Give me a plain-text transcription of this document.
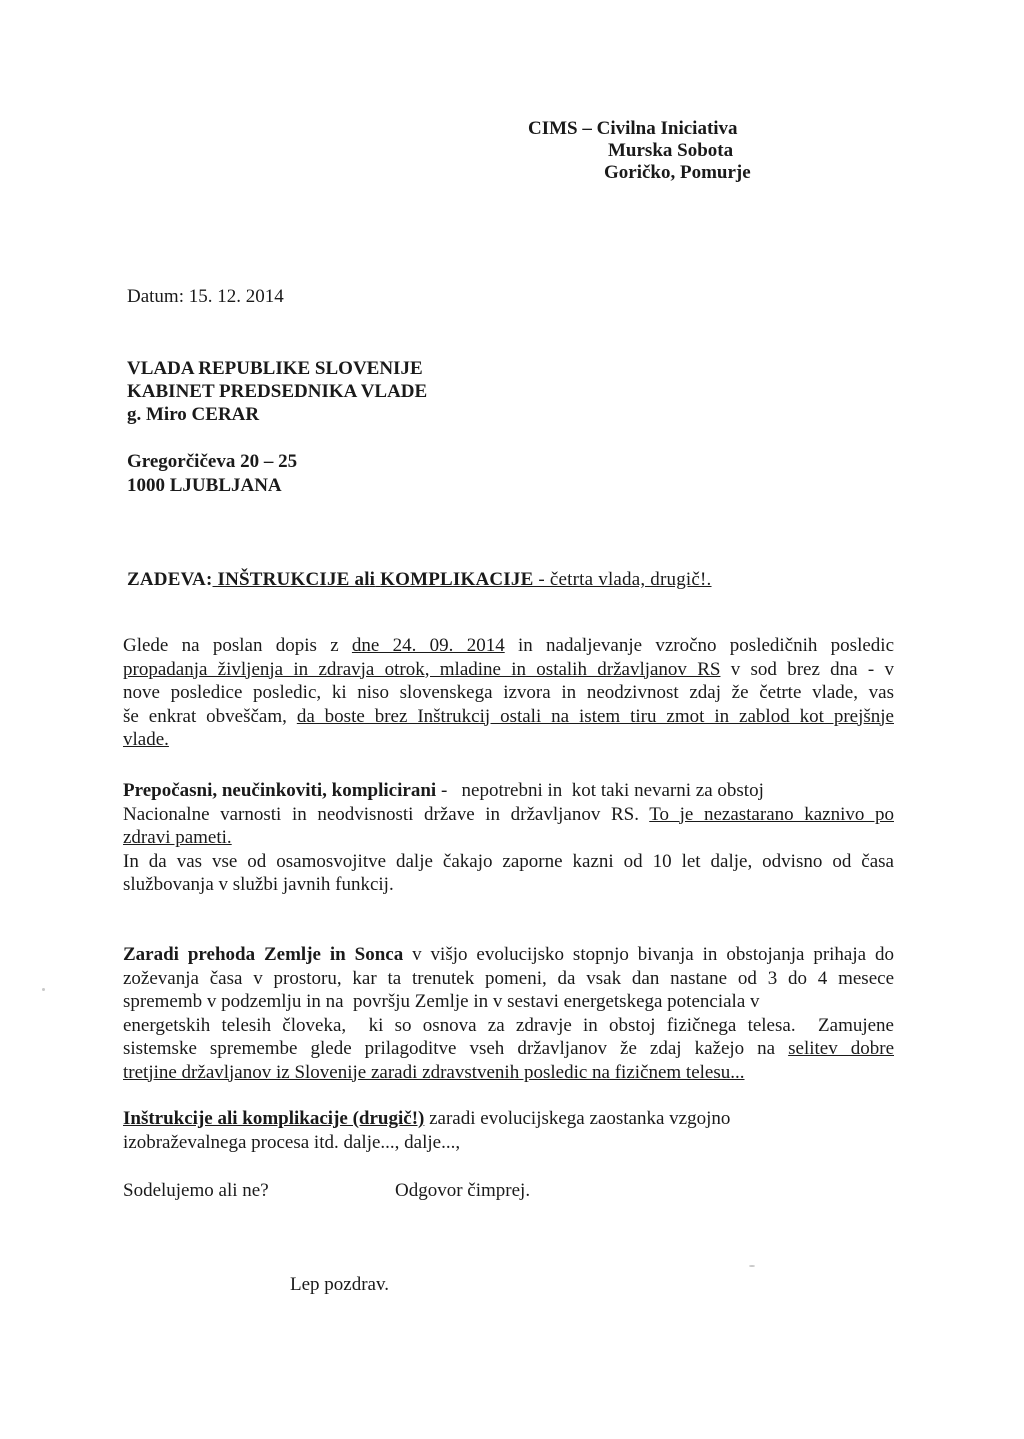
CIMS – Civilna Iniciativa
Murska Sobota
Goričko, Pomurje
Datum: 15. 12. 2014
VLADA REPUBLIKE SLOVENIJE
KABINET PREDSEDNIKA VLADE
g. Miro CERAR
Gregorčičeva 20 – 25
1000 LJUBLJANA
ZADEVA: INŠTRUKCIJE ali KOMPLIKACIJE - četrta vlada, drugič!.
Glede na poslan dopis z dne 24. 09. 2014 in nadaljevanje vzročno posledičnih posledic
propadanja življenja in zdravja otrok, mladine in ostalih državljanov RS v sod brez dna - v
nove posledice posledic, ki niso slovenskega izvora in neodzivnost zdaj že četrte vlade, vas
še enkrat obveščam, da boste brez Inštrukcij ostali na istem tiru zmot in zablod kot prejšnje
vlade.
Prepočasni, neučinkoviti, komplicirani -   nepotrebni in  kot taki nevarni za obstoj
Nacionalne varnosti in neodvisnosti države in državljanov RS. To je nezastarano kaznivo po
zdravi pameti.
In da vas vse od osamosvojitve dalje čakajo zaporne kazni od 10 let dalje, odvisno od časa
službovanja v službi javnih funkcij.
Zaradi prehoda Zemlje in Sonca v višjo evolucijsko stopnjo bivanja in obstojanja prihaja do
zoževanja časa v prostoru, kar ta trenutek pomeni, da vsak dan nastane od 3 do 4 mesece
sprememb v podzemlju in na  površju Zemlje in v sestavi energetskega potenciala v
energetskih telesih človeka,  ki so osnova za zdravje in obstoj fizičnega telesa.  Zamujene
sistemske spremembe glede prilagoditve vseh državljanov že zdaj kažejo na selitev dobre
tretjine državljanov iz Slovenije zaradi zdravstvenih posledic na fizičnem telesu...
Inštrukcije ali komplikacije (drugič!) zaradi evolucijskega zaostanka vzgojno
izobraževalnega procesa itd. dalje..., dalje...,
Sodelujemo ali ne?	Odgovor čimprej.
Lep pozdrav.
